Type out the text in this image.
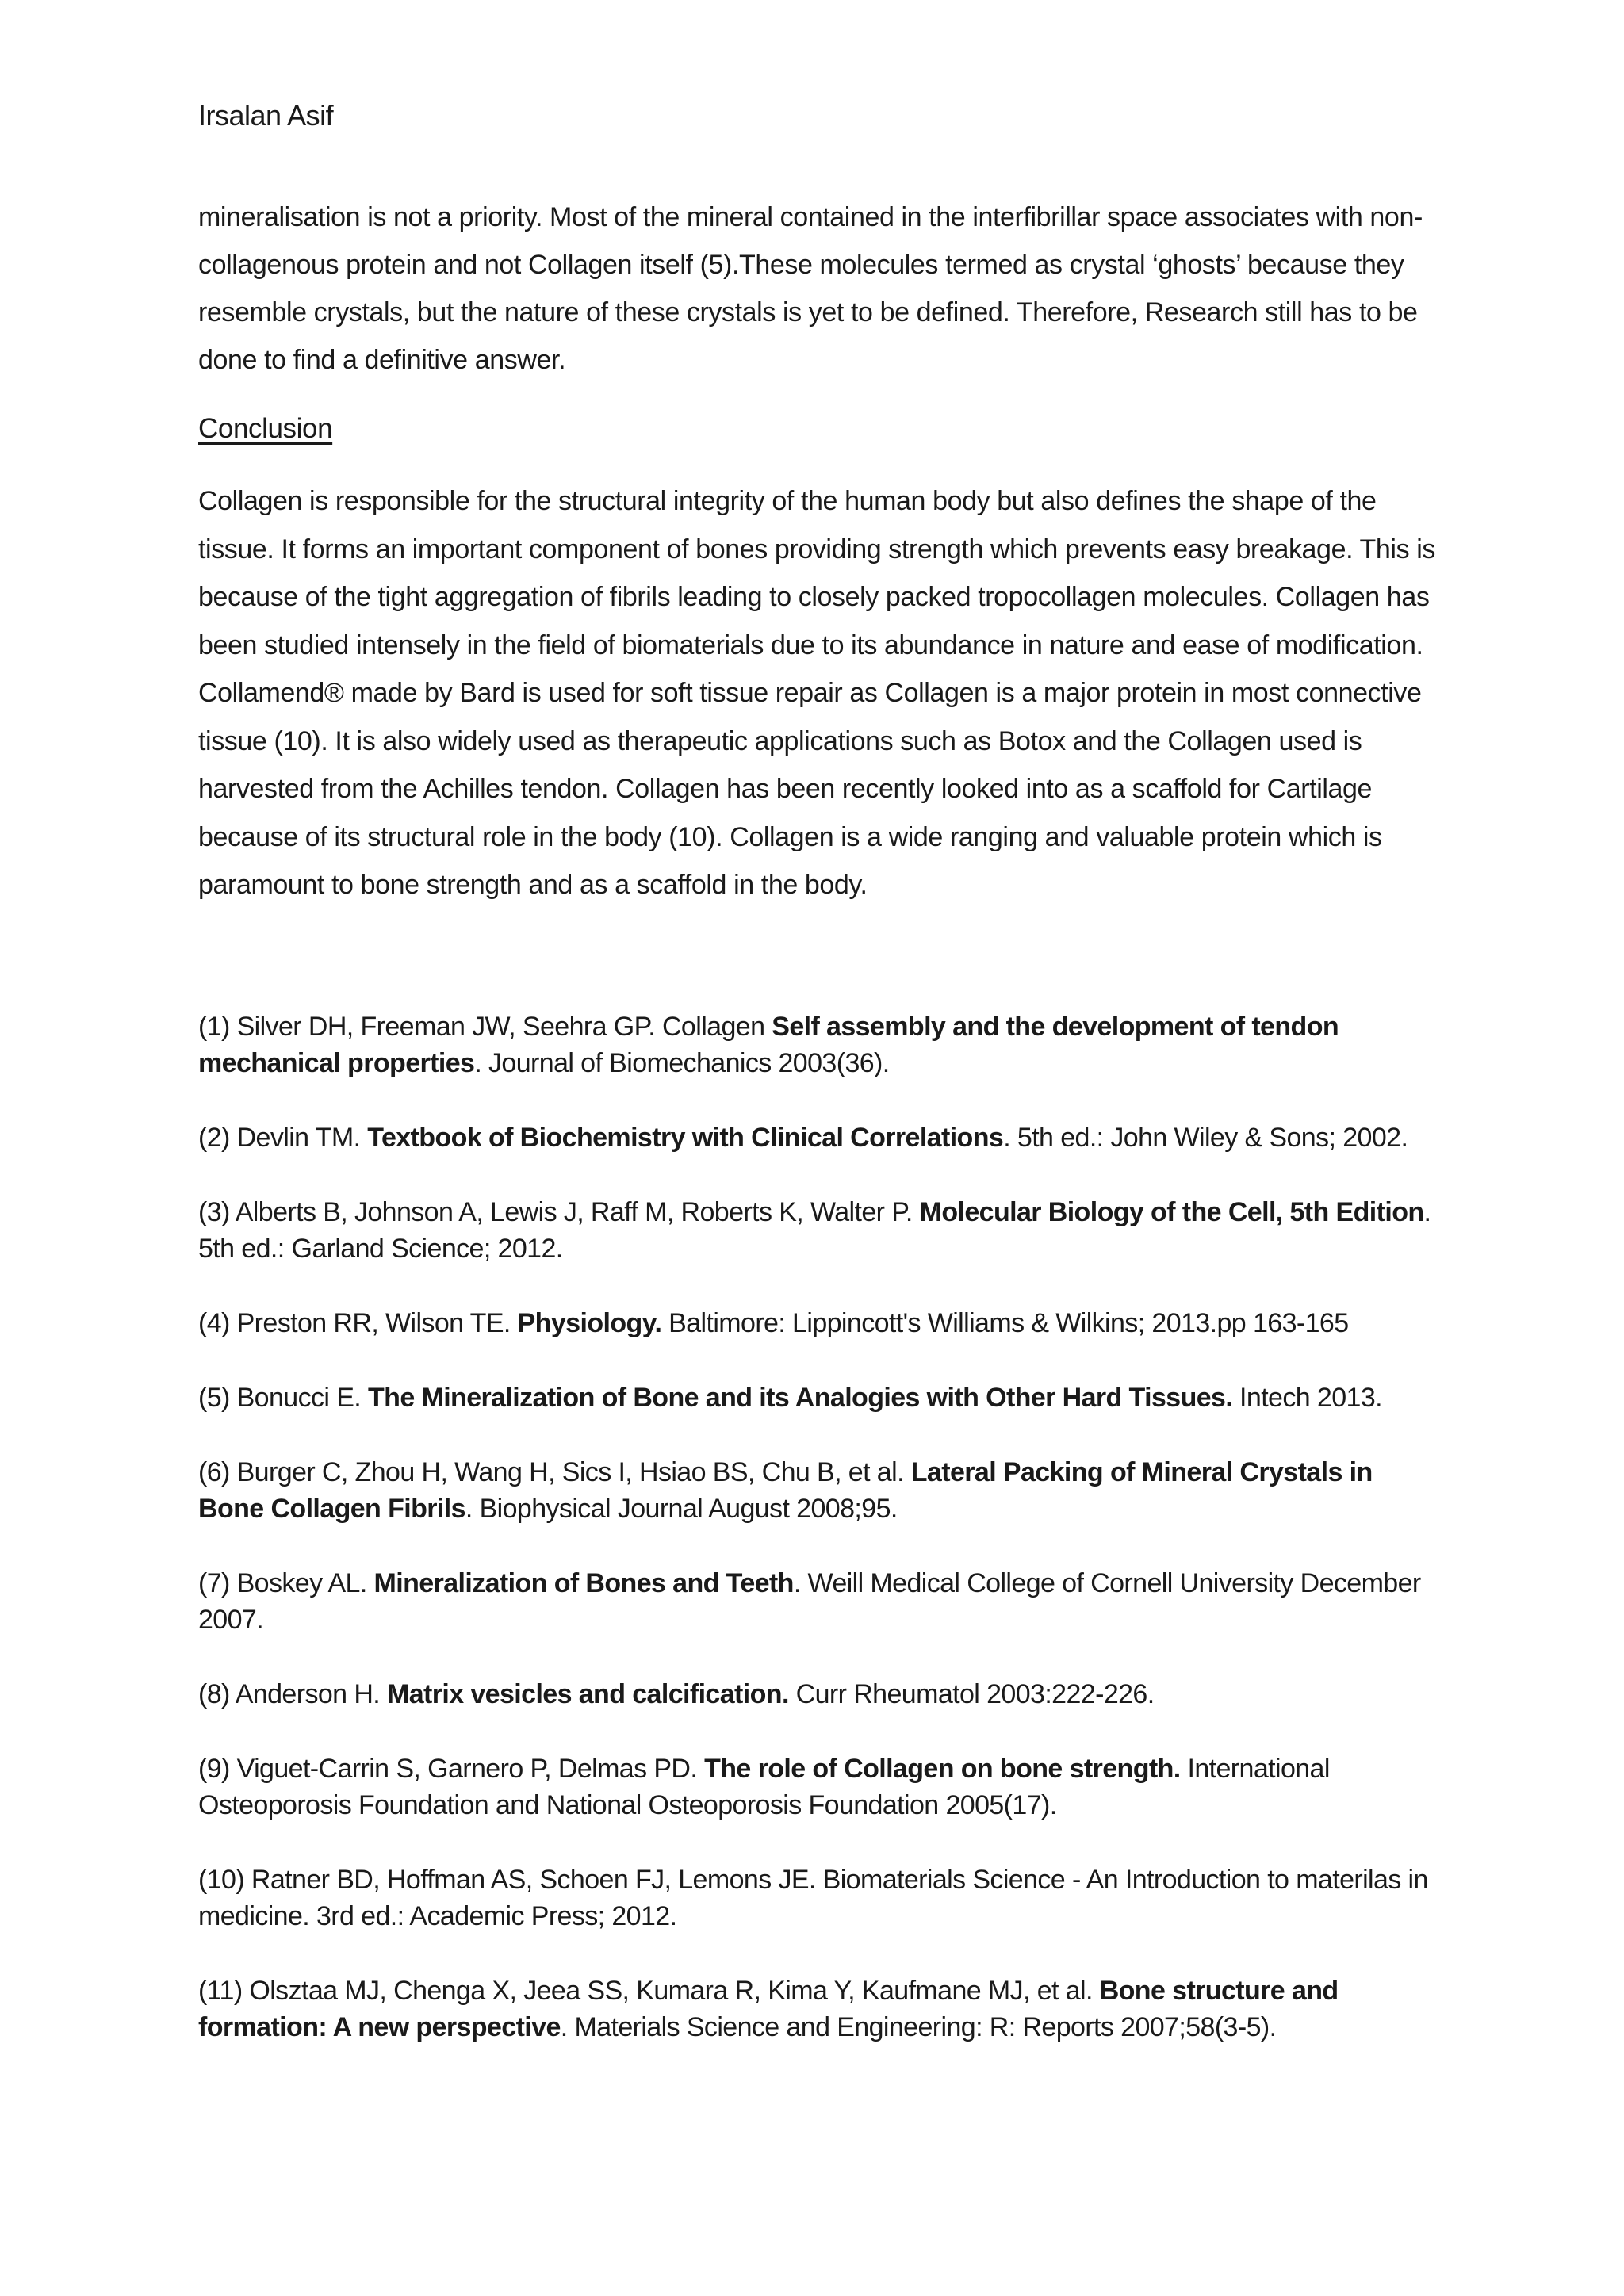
Irsalan Asif

mineralisation is not a priority. Most of the mineral contained in the interfibrillar space associates with non- collagenous protein and not Collagen itself (5).These molecules termed as crystal ‘ghosts’ because they resemble crystals, but the nature of these crystals is yet to be defined. Therefore, Research still has to be done to find a definitive answer.

Conclusion

Collagen is responsible for the structural integrity of the human body but also defines the shape of the tissue. It forms an important component of bones providing strength which prevents easy breakage. This is because of the tight aggregation of fibrils leading to closely packed tropocollagen molecules. Collagen has been studied intensely in the field of biomaterials due to its abundance in nature and ease of modification. Collamend® made by Bard is used for soft tissue repair as Collagen is a major protein in most connective tissue (10). It is also widely used as therapeutic applications such as Botox and the Collagen used is harvested from the Achilles tendon. Collagen has been recently looked into as a scaffold for Cartilage because of its structural role in the body (10). Collagen is a wide ranging and valuable protein which is paramount to bone strength and as a scaffold in the body.

(1) Silver DH, Freeman JW, Seehra GP. Collagen Self assembly and the development of tendon mechanical properties. Journal of Biomechanics 2003(36).

(2) Devlin TM. Textbook of Biochemistry with Clinical Correlations. 5th ed.: John Wiley & Sons; 2002.

(3) Alberts B, Johnson A, Lewis J, Raff M, Roberts K, Walter P. Molecular Biology of the Cell, 5th Edition. 5th ed.: Garland Science; 2012.

(4) Preston RR, Wilson TE. Physiology. Baltimore: Lippincott's Williams & Wilkins; 2013.pp 163-165

(5) Bonucci E. The Mineralization of Bone and its Analogies with Other Hard Tissues. Intech 2013.

(6) Burger C, Zhou H, Wang H, Sics I, Hsiao BS, Chu B, et al. Lateral Packing of Mineral Crystals in Bone Collagen Fibrils. Biophysical Journal August 2008;95.

(7) Boskey AL. Mineralization of Bones and Teeth. Weill Medical College of Cornell University December 2007.

(8) Anderson H. Matrix vesicles and calcification. Curr Rheumatol 2003:222-226.

(9) Viguet-Carrin S, Garnero P, Delmas PD. The role of Collagen on bone strength. International Osteoporosis Foundation and National Osteoporosis Foundation 2005(17).

(10) Ratner BD, Hoffman AS, Schoen FJ, Lemons JE. Biomaterials Science - An Introduction to materilas in medicine. 3rd ed.: Academic Press; 2012.

(11) Olsztaa MJ, Chenga X, Jeea SS, Kumara R, Kima Y, Kaufmane MJ, et al. Bone structure and formation: A new perspective. Materials Science and Engineering: R: Reports 2007;58(3-5).
